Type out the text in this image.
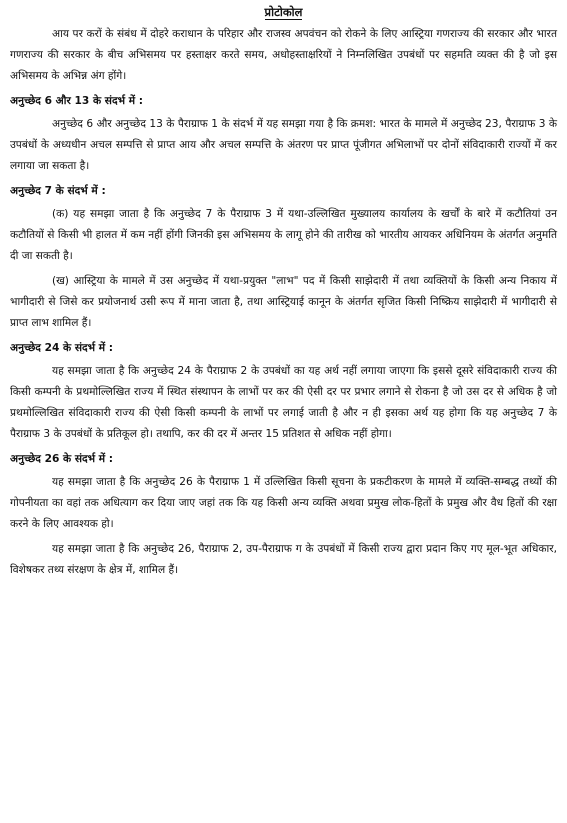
प्रोटोकोल

आय पर करों के संबंध में दोहरे कराधान के परिहार और राजस्व अपवंचन को रोकने के लिए आस्ट्रिया गणराज्य की सरकार और भारत गणराज्य की सरकार के बीच अभिसमय पर हस्ताक्षर करते समय, अधोहस्ताक्षरियों ने निम्नलिखित उपबंधों पर सहमति व्यक्त की है जो इस अभिसमय के अभिन्न अंग होंगे।

अनुच्छेद 6 और 13 के संदर्भ में :

अनुच्छेद 6 और अनुच्छेद 13 के पैराग्राफ 1 के संदर्भ में यह समझा गया है कि क्रमश: भारत के मामले में अनुच्छेद 23, पैराग्राफ 3 के उपबंधों के अध्यधीन अचल सम्पत्ति से प्राप्त आय और अचल सम्पत्ति के अंतरण पर प्राप्त पूंजीगत अभिलाभों पर दोनों संविदाकारी राज्यों में कर लगाया जा सकता है।

अनुच्छेद 7 के संदर्भ में :

(क) यह समझा जाता है कि अनुच्छेद 7 के पैराग्राफ 3 में यथा-उल्लिखित मुख्यालय कार्यालय के खर्चों के बारे में कटौतियां उन कटौतियों से किसी भी हालत में कम नहीं होंगी जिनकी इस अभिसमय के लागू होने की तारीख को भारतीय आयकर अधिनियम के अंतर्गत अनुमति दी जा सकती है।

(ख) आस्ट्रिया के मामले में उस अनुच्छेद में यथा-प्रयुक्त "लाभ" पद में किसी साझेदारी में तथा व्यक्तियों के किसी अन्य निकाय में भागीदारी से जिसे कर प्रयोजनार्थ उसी रूप में माना जाता है, तथा आस्ट्रियाई कानून के अंतर्गत सृजित किसी निष्क्रिय साझेदारी में भागीदारी से प्राप्त लाभ शामिल हैं।

अनुच्छेद 24 के संदर्भ में :

यह समझा जाता है कि अनुच्छेद 24 के पैराग्राफ 2 के उपबंधों का यह अर्थ नहीं लगाया जाएगा कि इससे दूसरे संविदाकारी राज्य की किसी कम्पनी के प्रथमोल्लिखित राज्य में स्थित संस्थापन के लाभों पर कर की ऐसी दर पर प्रभार लगाने से रोकना है जो उस दर से अधिक है जो प्रथमोल्लिखित संविदाकारी राज्य की ऐसी किसी कम्पनी के लाभों पर लगाई जाती है और न ही इसका अर्थ यह होगा कि यह अनुच्छेद 7 के पैराग्राफ 3 के उपबंधों के प्रतिकूल हो। तथापि, कर की दर में अन्तर 15 प्रतिशत से अधिक नहीं होगा।

अनुच्छेद 26 के संदर्भ में :

यह समझा जाता है कि अनुच्छेद 26 के पैराग्राफ 1 में उल्लिखित किसी सूचना के प्रकटीकरण के मामले में व्यक्ति-सम्बद्ध तथ्यों की गोपनीयता का वहां तक अधित्याग कर दिया जाए जहां तक कि यह किसी अन्य व्यक्ति अथवा प्रमुख लोक-हितों के प्रमुख और वैध हितों की रक्षा करने के लिए आवश्यक हो।

यह समझा जाता है कि अनुच्छेद 26, पैराग्राफ 2, उप-पैराग्राफ ग के उपबंधों में किसी राज्य द्वारा प्रदान किए गए मूल-भूत अधिकार, विशेषकर तथ्य संरक्षण के क्षेत्र में, शामिल हैं।
